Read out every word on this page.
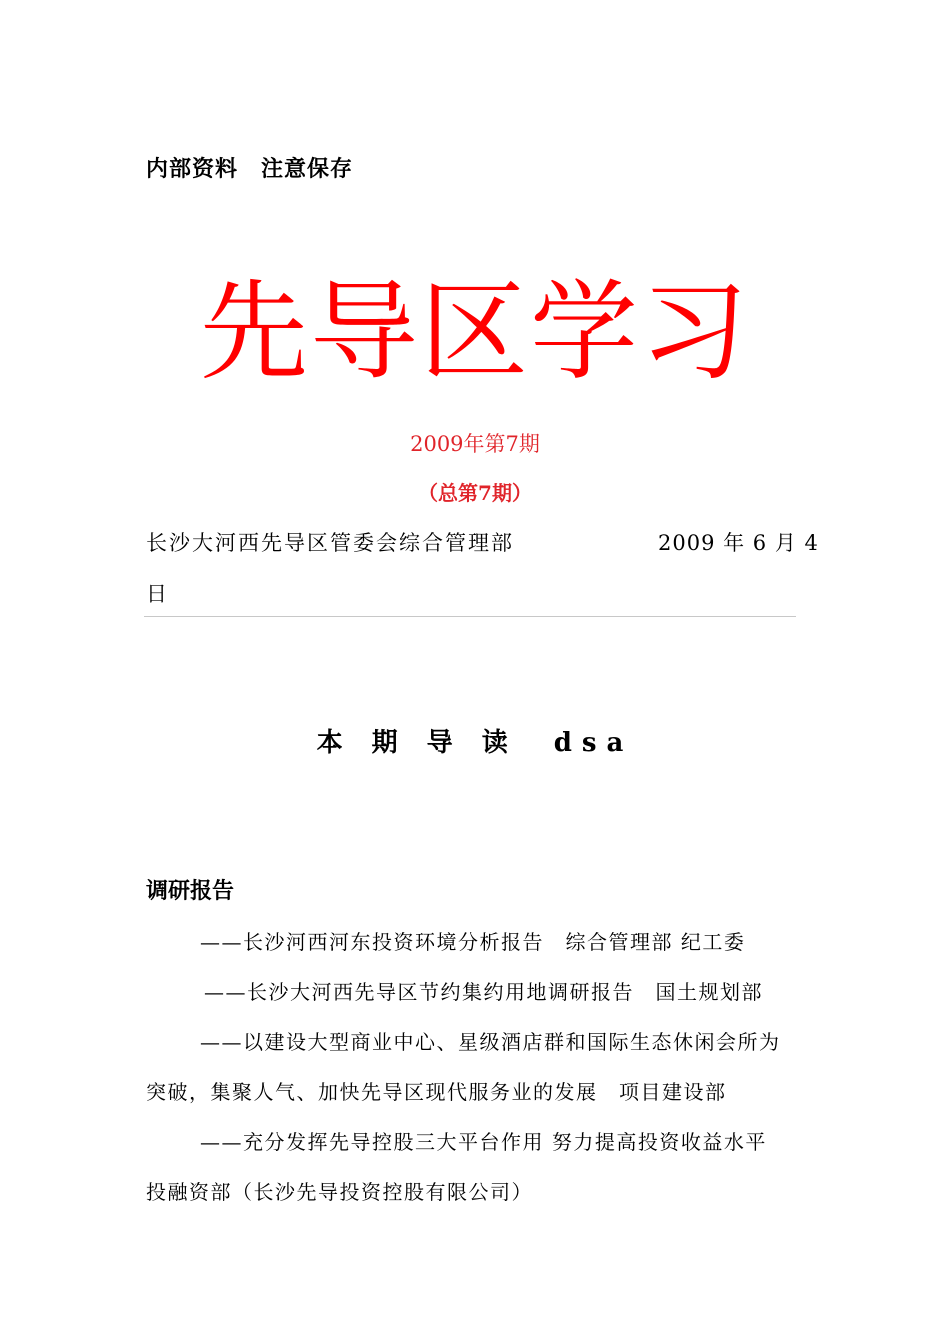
内部资料　注意保存
先导区学习
2009年第7期
（总第7期）
长沙大河西先导区管委会综合管理部	2009 年 6 月 4
日
本 期 导 读　dsa
调研报告
——长沙河西河东投资环境分析报告　综合管理部 纪工委
——长沙大河西先导区节约集约用地调研报告　国土规划部
——以建设大型商业中心、星级酒店群和国际生态休闲会所为
突破，集聚人气、加快先导区现代服务业的发展　项目建设部
——充分发挥先导控股三大平台作用 努力提高投资收益水平
投融资部（长沙先导投资控股有限公司）
